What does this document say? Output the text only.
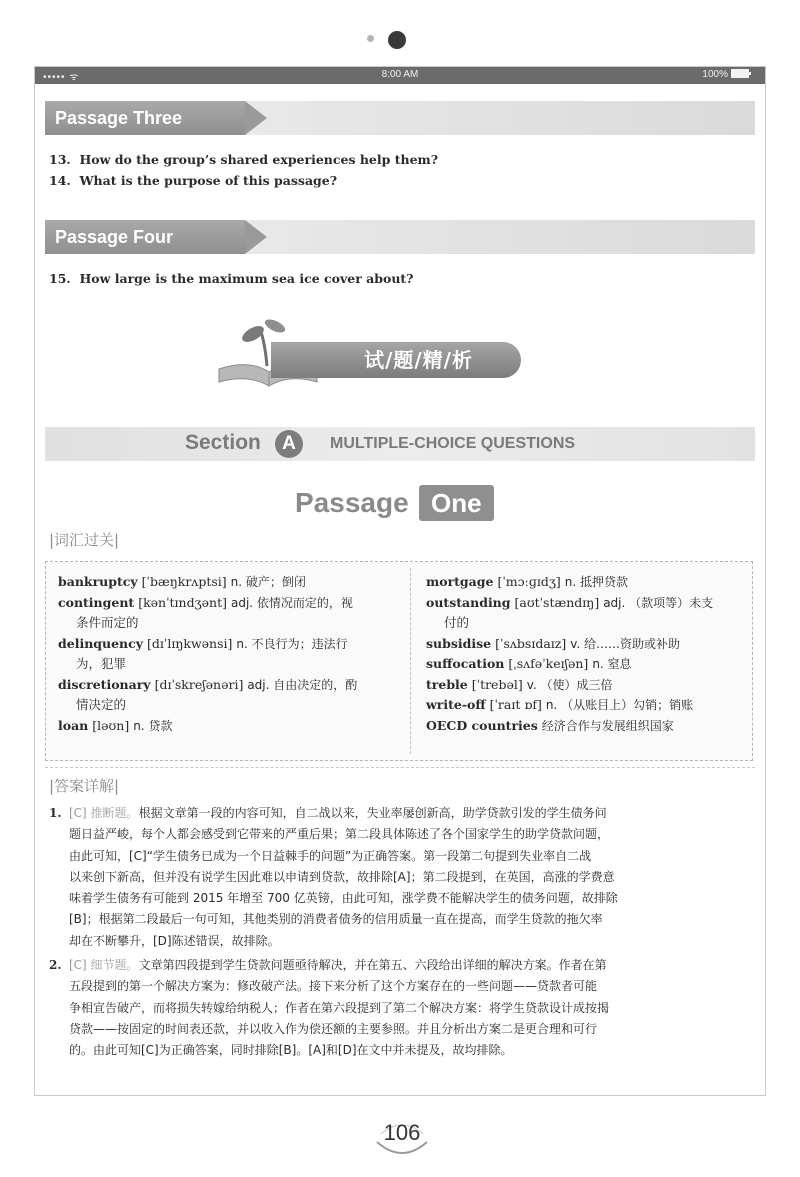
••••• ᯤ	8:00 AM	100%
Passage Three
13. How do the group’s shared experiences help them?
14. What is the purpose of this passage?
Passage Four
15. How large is the maximum sea ice cover about?
试/题/精/析
Section	A	MULTIPLE-CHOICE QUESTIONS
Passage One
|词汇过关|
bankruptcy [ˈbæŋkrʌptsi] n. 破产；倒闭
contingent [kənˈtɪndʒənt] adj. 依情况而定的，视
条件而定的
delinquency [dɪˈlɪŋkwənsi] n. 不良行为；违法行
为，犯罪
discretionary [dɪˈskreʃənəri] adj. 自由决定的，酌
情决定的
loan [ləʊn] n. 贷款
mortgage [ˈmɔːɡɪdʒ] n. 抵押贷款
outstanding [aʊtˈstændɪŋ] adj. （款项等）未支
付的
subsidise [ˈsʌbsɪdaɪz] v. 给……资助或补助
suffocation [ˌsʌfəˈkeɪʃən] n. 窒息
treble [ˈtrebəl] v. （使）成三倍
write-off [ˈraɪt ɒf] n. （从账目上）勾销；销账
OECD countries 经济合作与发展组织国家
|答案详解|
1. [C] 推断题。根据文章第一段的内容可知，自二战以来，失业率屡创新高，助学贷款引发的学生债务问
题日益严峻，每个人都会感受到它带来的严重后果；第二段具体陈述了各个国家学生的助学贷款问题，
由此可知，[C]“学生债务已成为一个日益棘手的问题”为正确答案。第一段第二句提到失业率自二战
以来创下新高，但并没有说学生因此难以申请到贷款，故排除[A]；第二段提到，在英国，高涨的学费意
味着学生债务有可能到 2015 年增至 700 亿英镑，由此可知，涨学费不能解决学生的债务问题，故排除
[B]；根据第二段最后一句可知，其他类别的消费者债务的信用质量一直在提高，而学生贷款的拖欠率
却在不断攀升，[D]陈述错误，故排除。
2. [C] 细节题。文章第四段提到学生贷款问题亟待解决，并在第五、六段给出详细的解决方案。作者在第
五段提到的第一个解决方案为：修改破产法。接下来分析了这个方案存在的一些问题——贷款者可能
争相宣告破产，而将损失转嫁给纳税人；作者在第六段提到了第二个解决方案：将学生贷款设计成按揭
贷款——按固定的时间表还款，并以收入作为偿还额的主要参照。并且分析出方案二是更合理和可行
的。由此可知[C]为正确答案，同时排除[B]。[A]和[D]在文中并未提及，故均排除。
106
